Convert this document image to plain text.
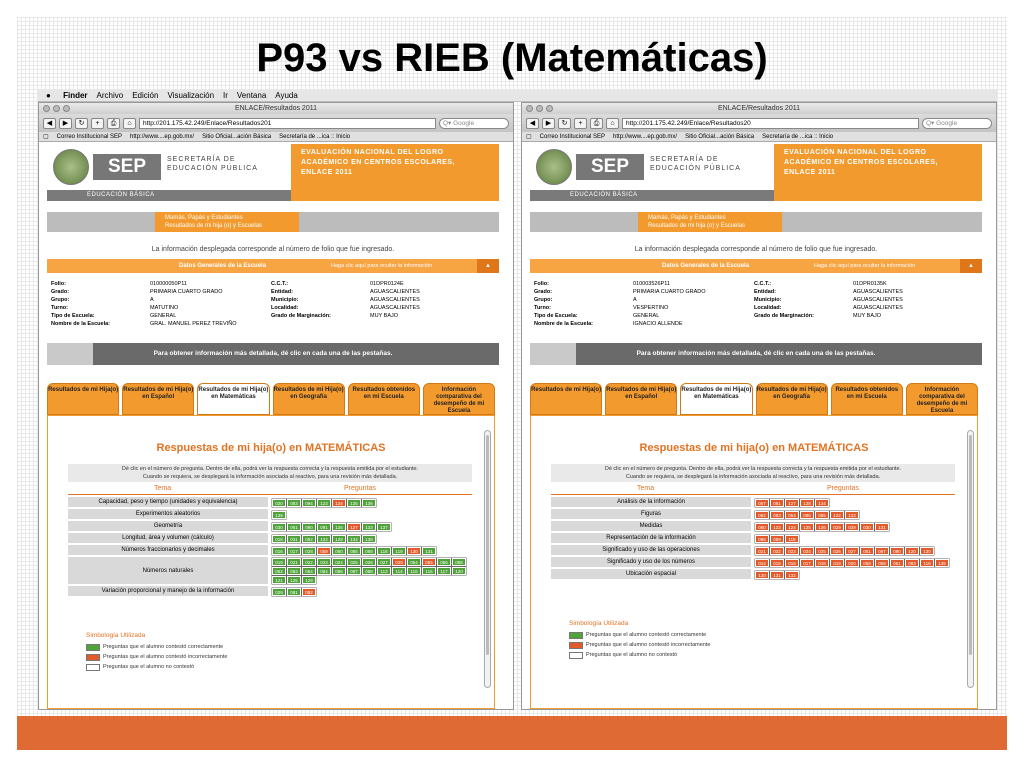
P93 vs RIEB (Matemáticas)
● Finder Archivo Edición Visualización Ir Ventana Ayuda
ENLACE/Resultados 2011
◀	▶	↻	+	⎙	⌂	http://201.175.42.249/Enlace/Resultados201	Q▾ Google
▢ Correo Institucional SEP http://www....ep.gob.mx/ Sitio Oficial...ación Básica Secretaría de ...ica :: Inicio
SEP	SECRETARÍA DE
EDUCACIÓN PÚBLICA
EVALUACIÓN NACIONAL DEL LOGRO
ACADÉMICO EN CENTROS ESCOLARES,
ENLACE 2011
EDUCACIÓN BÁSICA
Mamás, Papás y Estudiantes
Resultados de mi hija (o) y Escuelas
La información desplegada corresponde al número de folio que fue ingresado.
Datos Generales de la Escuela	Haga clic aquí para ocultar la información	▲
Folio:	010000050P11	C.C.T.:	01DPR0124E
Grado:	PRIMARIA CUARTO GRADO	Entidad:	AGUASCALIENTES
Grupo:	A	Municipio:	AGUASCALIENTES
Turno:	MATUTINO	Localidad:	AGUASCALIENTES
Tipo de Escuela:	GENERAL	Grado de Marginación:	MUY BAJO
Nombre de la Escuela:	GRAL. MANUEL PEREZ TREVIÑO		
Para obtener información más detallada, dé clic en cada una de las pestañas.
Resultados de mi Hija(o) Resultados de mi Hija(o) en Español
Resultados de mi Hija(o) en Matemáticas
Resultados de mi Hija(o) en Geografía
Resultados obtenidos en mi Escuela
Información comparativa del desempeño de mi Escuela
Respuestas de mi hija(o) en MATEMÁTICAS
Dé clic en el número de pregunta. Dentro de ella, podrá ver la respuesta correcta y la respuesta emitida por el estudiante.
Cuando se requiera, se desplegará la información asociada al reactivo, para una revisión más detallada.
Tema	Preguntas
Capacidad, peso y tiempo (unidades y equivalencia)	020	083	094	123	124	135	136
Experimentos aleatorios	139
Geometría	030	061	090	091	126	127	133	137
Longitud, área y volumen (cálculo)	018	031	092	122	128	134	138
Números fraccionarios y decimales	016	017	028	059	060	085	089	118	119	130	131
Números naturales
019	021	022	023	024	025	026	027	029	054	055	056	058
062	063	064	084	086	087	088	113	114	115	116	117	120
121	125	129
Variación proporcional y manejo de la información	029	081	082
Simbología Utilizada
Preguntas que el alumno contestó correctamente
Preguntas que el alumno contestó incorrectamente
Preguntas que el alumno no contestó
ENLACE/Resultados 2011
◀	▶	↻	+	⎙	⌂	http://201.175.42.249/Enlace/Resultados20	Q▾ Google
▢ Correo Institucional SEP http://www....ep.gob.mx/ Sitio Oficial...ación Básica Secretaría de ...ica :: Inicio
SEP	SECRETARÍA DE
EDUCACIÓN PÚBLICA
EVALUACIÓN NACIONAL DEL LOGRO
ACADÉMICO EN CENTROS ESCOLARES,
ENLACE 2011
EDUCACIÓN BÁSICA
Mamás, Papás y Estudiantes
Resultados de mi hija (o) y Escuelas
La información desplegada corresponde al número de folio que fue ingresado.
Datos Generales de la Escuela	Haga clic aquí para ocultar la información	▲
Folio:	010003526P11	C.C.T.:	01DPR0135K
Grado:	PRIMARIA CUARTO GRADO	Entidad:	AGUASCALIENTES
Grupo:	A	Municipio:	AGUASCALIENTES
Turno:	VESPERTINO	Localidad:	AGUASCALIENTES
Tipo de Escuela:	GENERAL	Grado de Marginación:	MUY BAJO
Nombre de la Escuela:	IGNACIO ALLENDE		
Para obtener información más detallada, dé clic en cada una de las pestañas.
Resultados de mi Hija(o) Resultados de mi Hija(o) en Español
Resultados de mi Hija(o) en Matemáticas
Resultados de mi Hija(o) en Geografía
Resultados obtenidos en mi Escuela
Información comparativa del desempeño de mi Escuela
Respuestas de mi hija(o) en MATEMÁTICAS
Dé clic en el número de pregunta. Dentro de ella, podrá ver la respuesta correcta y la respuesta emitida por el estudiante.
Cuando se requiera, se desplegará la información asociada al reactivo, para una revisión más detallada.
Tema	Preguntas
Análisis de la información	057	081	127	128	134
Figuras	062	083	064	085	085	122	133
Medidas	060	123	124	125	126	029	029	030	131
Representación de la información	088	089	118
Significado y uso de las operaciones	021	022	023	024	025	026	027	051	087	090	120	130
Significado y uso de los números	014	015	016	017	018	019	020	058	059	061	083	119	135
Ubicación espacial	130	131	132
Simbología Utilizada
Preguntas que el alumno contestó correctamente
Preguntas que el alumno contestó incorrectamente
Preguntas que el alumno no contestó
